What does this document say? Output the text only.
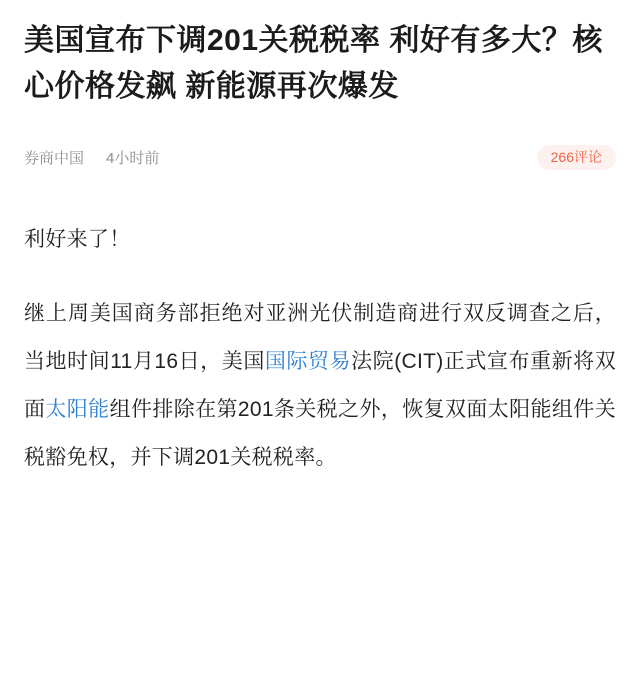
美国宣布下调201关税税率 利好有多大？核心价格发飙 新能源再次爆发
券商中国 4小时前	266评论

利好来了！

继上周美国商务部拒绝对亚洲光伏制造商进行双反调查之后，当地时间11月16日，美国国际贸易法院(CIT)正式宣布重新将双面太阳能组件排除在第201条关税之外，恢复双面太阳能组件关税豁免权，并下调201关税税率。
